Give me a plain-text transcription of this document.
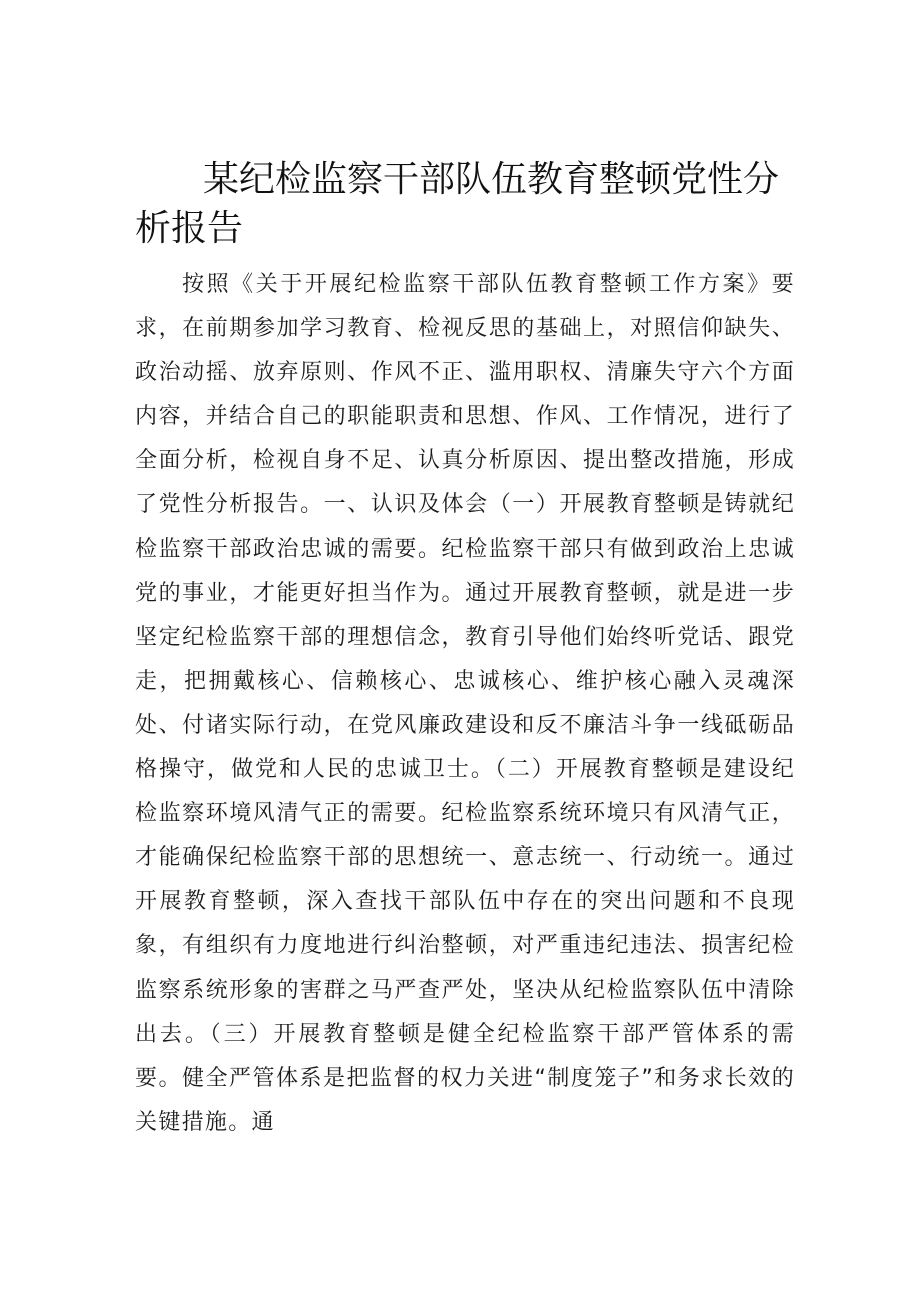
某纪检监察干部队伍教育整顿党性分析报告

按照《关于开展纪检监察干部队伍教育整顿工作方案》要求，在前期参加学习教育、检视反思的基础上，对照信仰缺失、政治动摇、放弃原则、作风不正、滥用职权、清廉失守六个方面内容，并结合自己的职能职责和思想、作风、工作情况，进行了全面分析，检视自身不足、认真分析原因、提出整改措施，形成了党性分析报告。一、认识及体会（一）开展教育整顿是铸就纪检监察干部政治忠诚的需要。纪检监察干部只有做到政治上忠诚党的事业，才能更好担当作为。通过开展教育整顿，就是进一步坚定纪检监察干部的理想信念，教育引导他们始终听党话、跟党走，把拥戴核心、信赖核心、忠诚核心、维护核心融入灵魂深处、付诸实际行动，在党风廉政建设和反不廉洁斗争一线砥砺品格操守，做党和人民的忠诚卫士。（二）开展教育整顿是建设纪检监察环境风清气正的需要。纪检监察系统环境只有风清气正，才能确保纪检监察干部的思想统一、意志统一、行动统一。通过开展教育整顿，深入查找干部队伍中存在的突出问题和不良现象，有组织有力度地进行纠治整顿，对严重违纪违法、损害纪检监察系统形象的害群之马严查严处，坚决从纪检监察队伍中清除出去。（三）开展教育整顿是健全纪检监察干部严管体系的需要。健全严管体系是把监督的权力关进“制度笼子”和务求长效的关键措施。通
